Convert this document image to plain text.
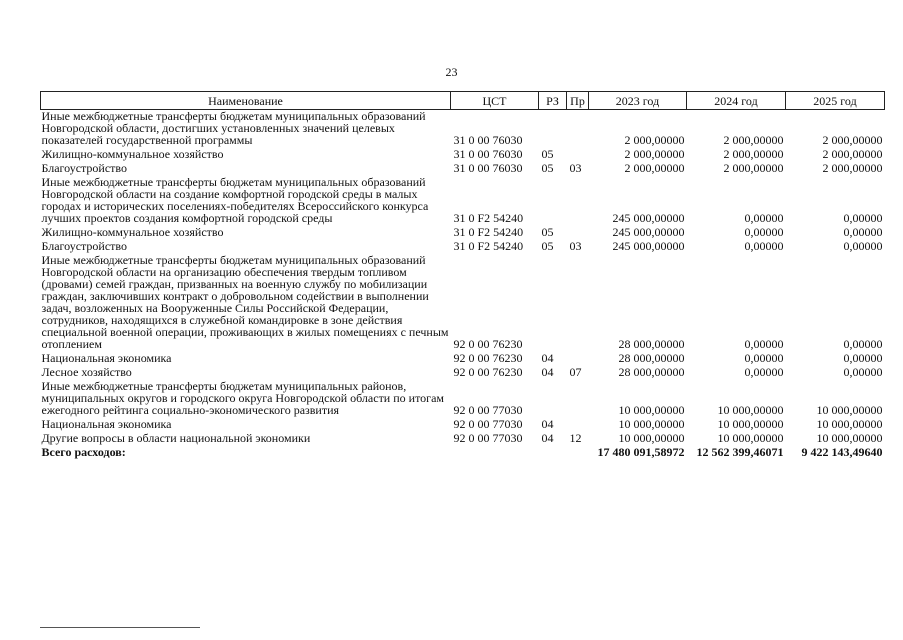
23
Наименование	ЦСТ	РЗ	Пр	2023 год	2024 год	2025 год
Иные межбюджетные трансферты бюджетам муниципальных образований Новгородской области, достигших установленных значений целевых показателей государственной программы	31 0 00 76030			2 000,00000	2 000,00000	2 000,00000
Жилищно-коммунальное хозяйство	31 0 00 76030	05		2 000,00000	2 000,00000	2 000,00000
Благоустройство	31 0 00 76030	05	03	2 000,00000	2 000,00000	2 000,00000
Иные межбюджетные трансферты бюджетам муниципальных образований Новгородской области на создание комфортной городской среды в малых городах и исторических поселениях-победителях Всероссийского конкурса лучших проектов создания комфортной городской среды	31 0 F2 54240			245 000,00000	0,00000	0,00000
Жилищно-коммунальное хозяйство	31 0 F2 54240	05		245 000,00000	0,00000	0,00000
Благоустройство	31 0 F2 54240	05	03	245 000,00000	0,00000	0,00000
Иные межбюджетные трансферты бюджетам муниципальных образований Новгородской области на организацию обеспечения твердым топливом (дровами) семей граждан, призванных на военную службу по мобилизации граждан, заключивших контракт о добровольном содействии в выполнении задач, возложенных на Вооруженные Силы Российской Федерации, сотрудников, находящихся в служебной командировке в зоне действия специальной военной операции, проживающих в жилых помещениях с печным отоплением	92 0 00 76230			28 000,00000	0,00000	0,00000
Национальная экономика	92 0 00 76230	04		28 000,00000	0,00000	0,00000
Лесное хозяйство	92 0 00 76230	04	07	28 000,00000	0,00000	0,00000
Иные межбюджетные трансферты бюджетам муниципальных районов, муниципальных округов и городского округа Новгородской области по итогам ежегодного рейтинга социально-экономического развития	92 0 00 77030			10 000,00000	10 000,00000	10 000,00000
Национальная экономика	92 0 00 77030	04		10 000,00000	10 000,00000	10 000,00000
Другие вопросы в области национальной экономики	92 0 00 77030	04	12	10 000,00000	10 000,00000	10 000,00000
Всего расходов:				17 480 091,58972	12 562 399,46071	9 422 143,49640
